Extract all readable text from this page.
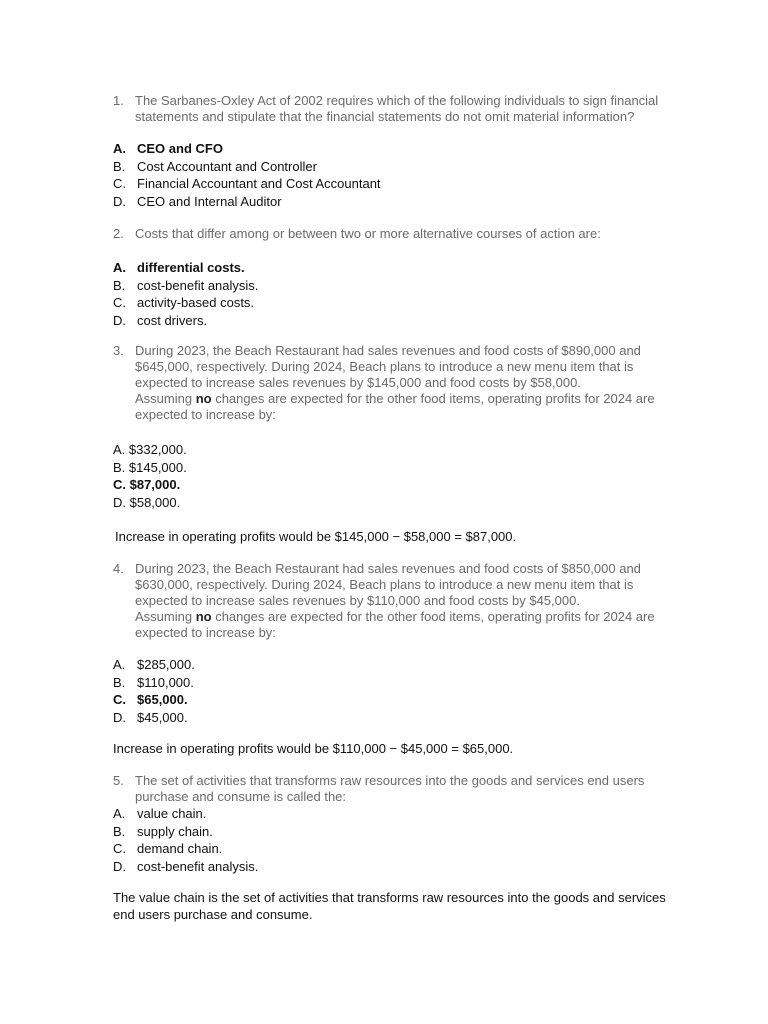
1. The Sarbanes-Oxley Act of 2002 requires which of the following individuals to sign financial
statements and stipulate that the financial statements do not omit material information?
A. CEO and CFO
B. Cost Accountant and Controller
C. Financial Accountant and Cost Accountant
D. CEO and Internal Auditor
2. Costs that differ among or between two or more alternative courses of action are:
A. differential costs.
B. cost-benefit analysis.
C. activity-based costs.
D. cost drivers.
3. During 2023, the Beach Restaurant had sales revenues and food costs of $890,000 and
$645,000, respectively. During 2024, Beach plans to introduce a new menu item that is
expected to increase sales revenues by $145,000 and food costs by $58,000.
Assuming no changes are expected for the other food items, operating profits for 2024 are
expected to increase by:
A. $332,000.
B. $145,000.
C. $87,000.
D. $58,000.
Increase in operating profits would be $145,000 − $58,000 = $87,000.
4. During 2023, the Beach Restaurant had sales revenues and food costs of $850,000 and
$630,000, respectively. During 2024, Beach plans to introduce a new menu item that is
expected to increase sales revenues by $110,000 and food costs by $45,000.
Assuming no changes are expected for the other food items, operating profits for 2024 are
expected to increase by:
A. $285,000.
B. $110,000.
C. $65,000.
D. $45,000.
Increase in operating profits would be $110,000 − $45,000 = $65,000.
5. The set of activities that transforms raw resources into the goods and services end users
purchase and consume is called the:
A. value chain.
B. supply chain.
C. demand chain.
D. cost-benefit analysis.
The value chain is the set of activities that transforms raw resources into the goods and services
end users purchase and consume.
